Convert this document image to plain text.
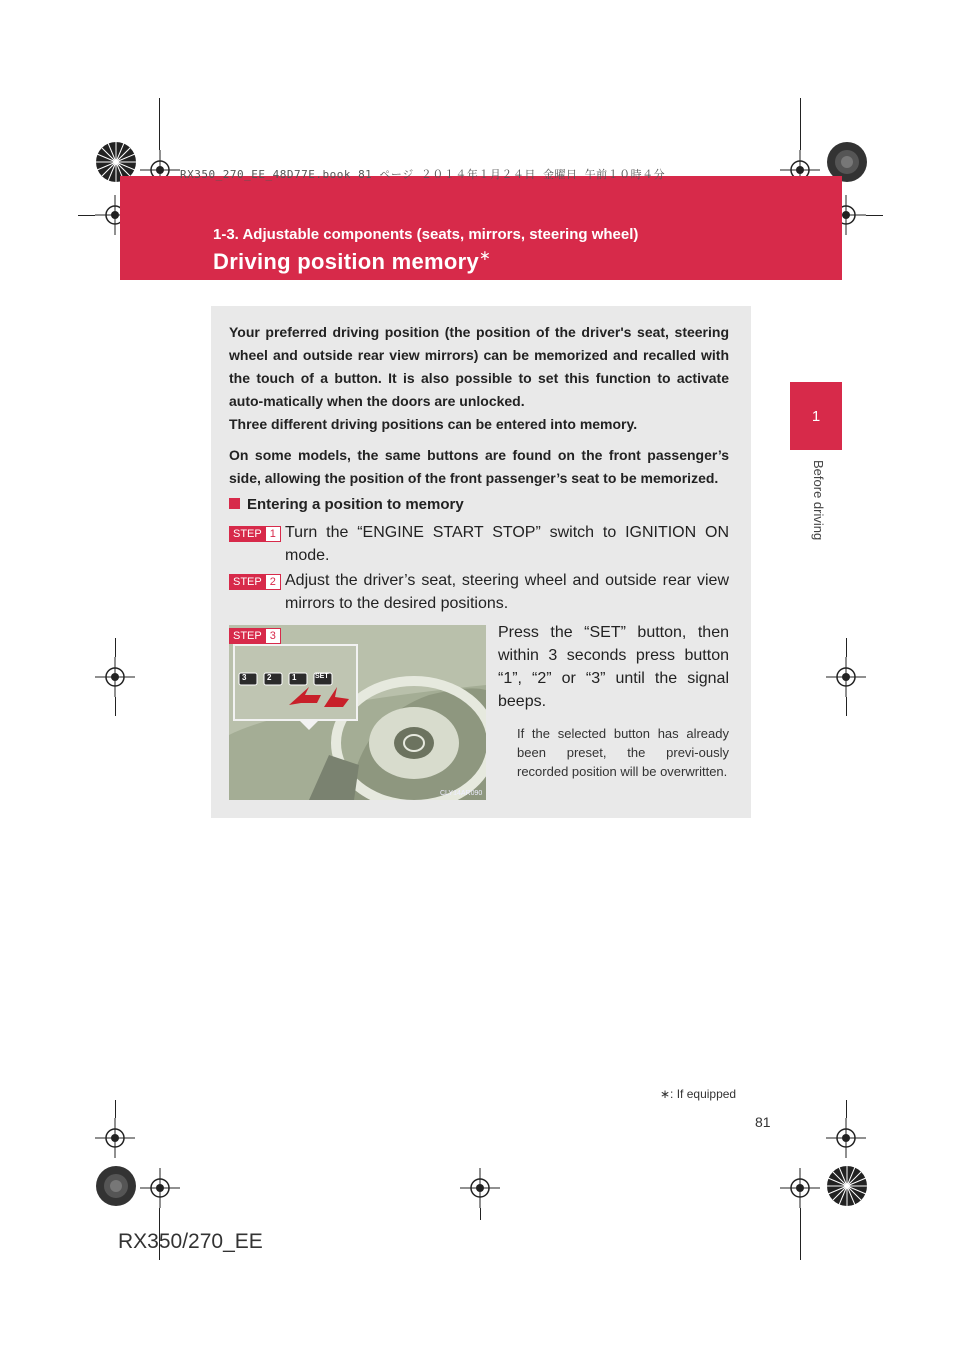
RX350_270_EE_48D77E.book 81 ページ ２０１４年１月２４日 金曜日 午前１０時４分
1-3. Adjustable components (seats, mirrors, steering wheel)
Driving position memory∗
1
Before driving

Your preferred driving position (the position of the driver's seat, steering wheel and outside rear view mirrors) can be memorized and recalled with the touch of a button. It is also possible to set this function to activate auto-matically when the doors are unlocked.

Three different driving positions can be entered into memory.

On some models, the same buttons are found on the front passenger’s side, allowing the position of the front passenger’s seat to be memorized.

Entering a position to memory
STEP 1 Turn the “ENGINE START STOP” switch to IGNITION ON mode.
STEP 2 Adjust the driver’s seat, steering wheel and outside rear view mirrors to the desired positions.
3	2	1	SET
CLY14AR090
STEP 3	Press the “SET” button, then within 3 seconds press button “1”, “2” or “3” until the signal beeps.
If the selected button has already been preset, the previ-ously recorded position will be overwritten.
∗: If equipped
81
RX350/270_EE
